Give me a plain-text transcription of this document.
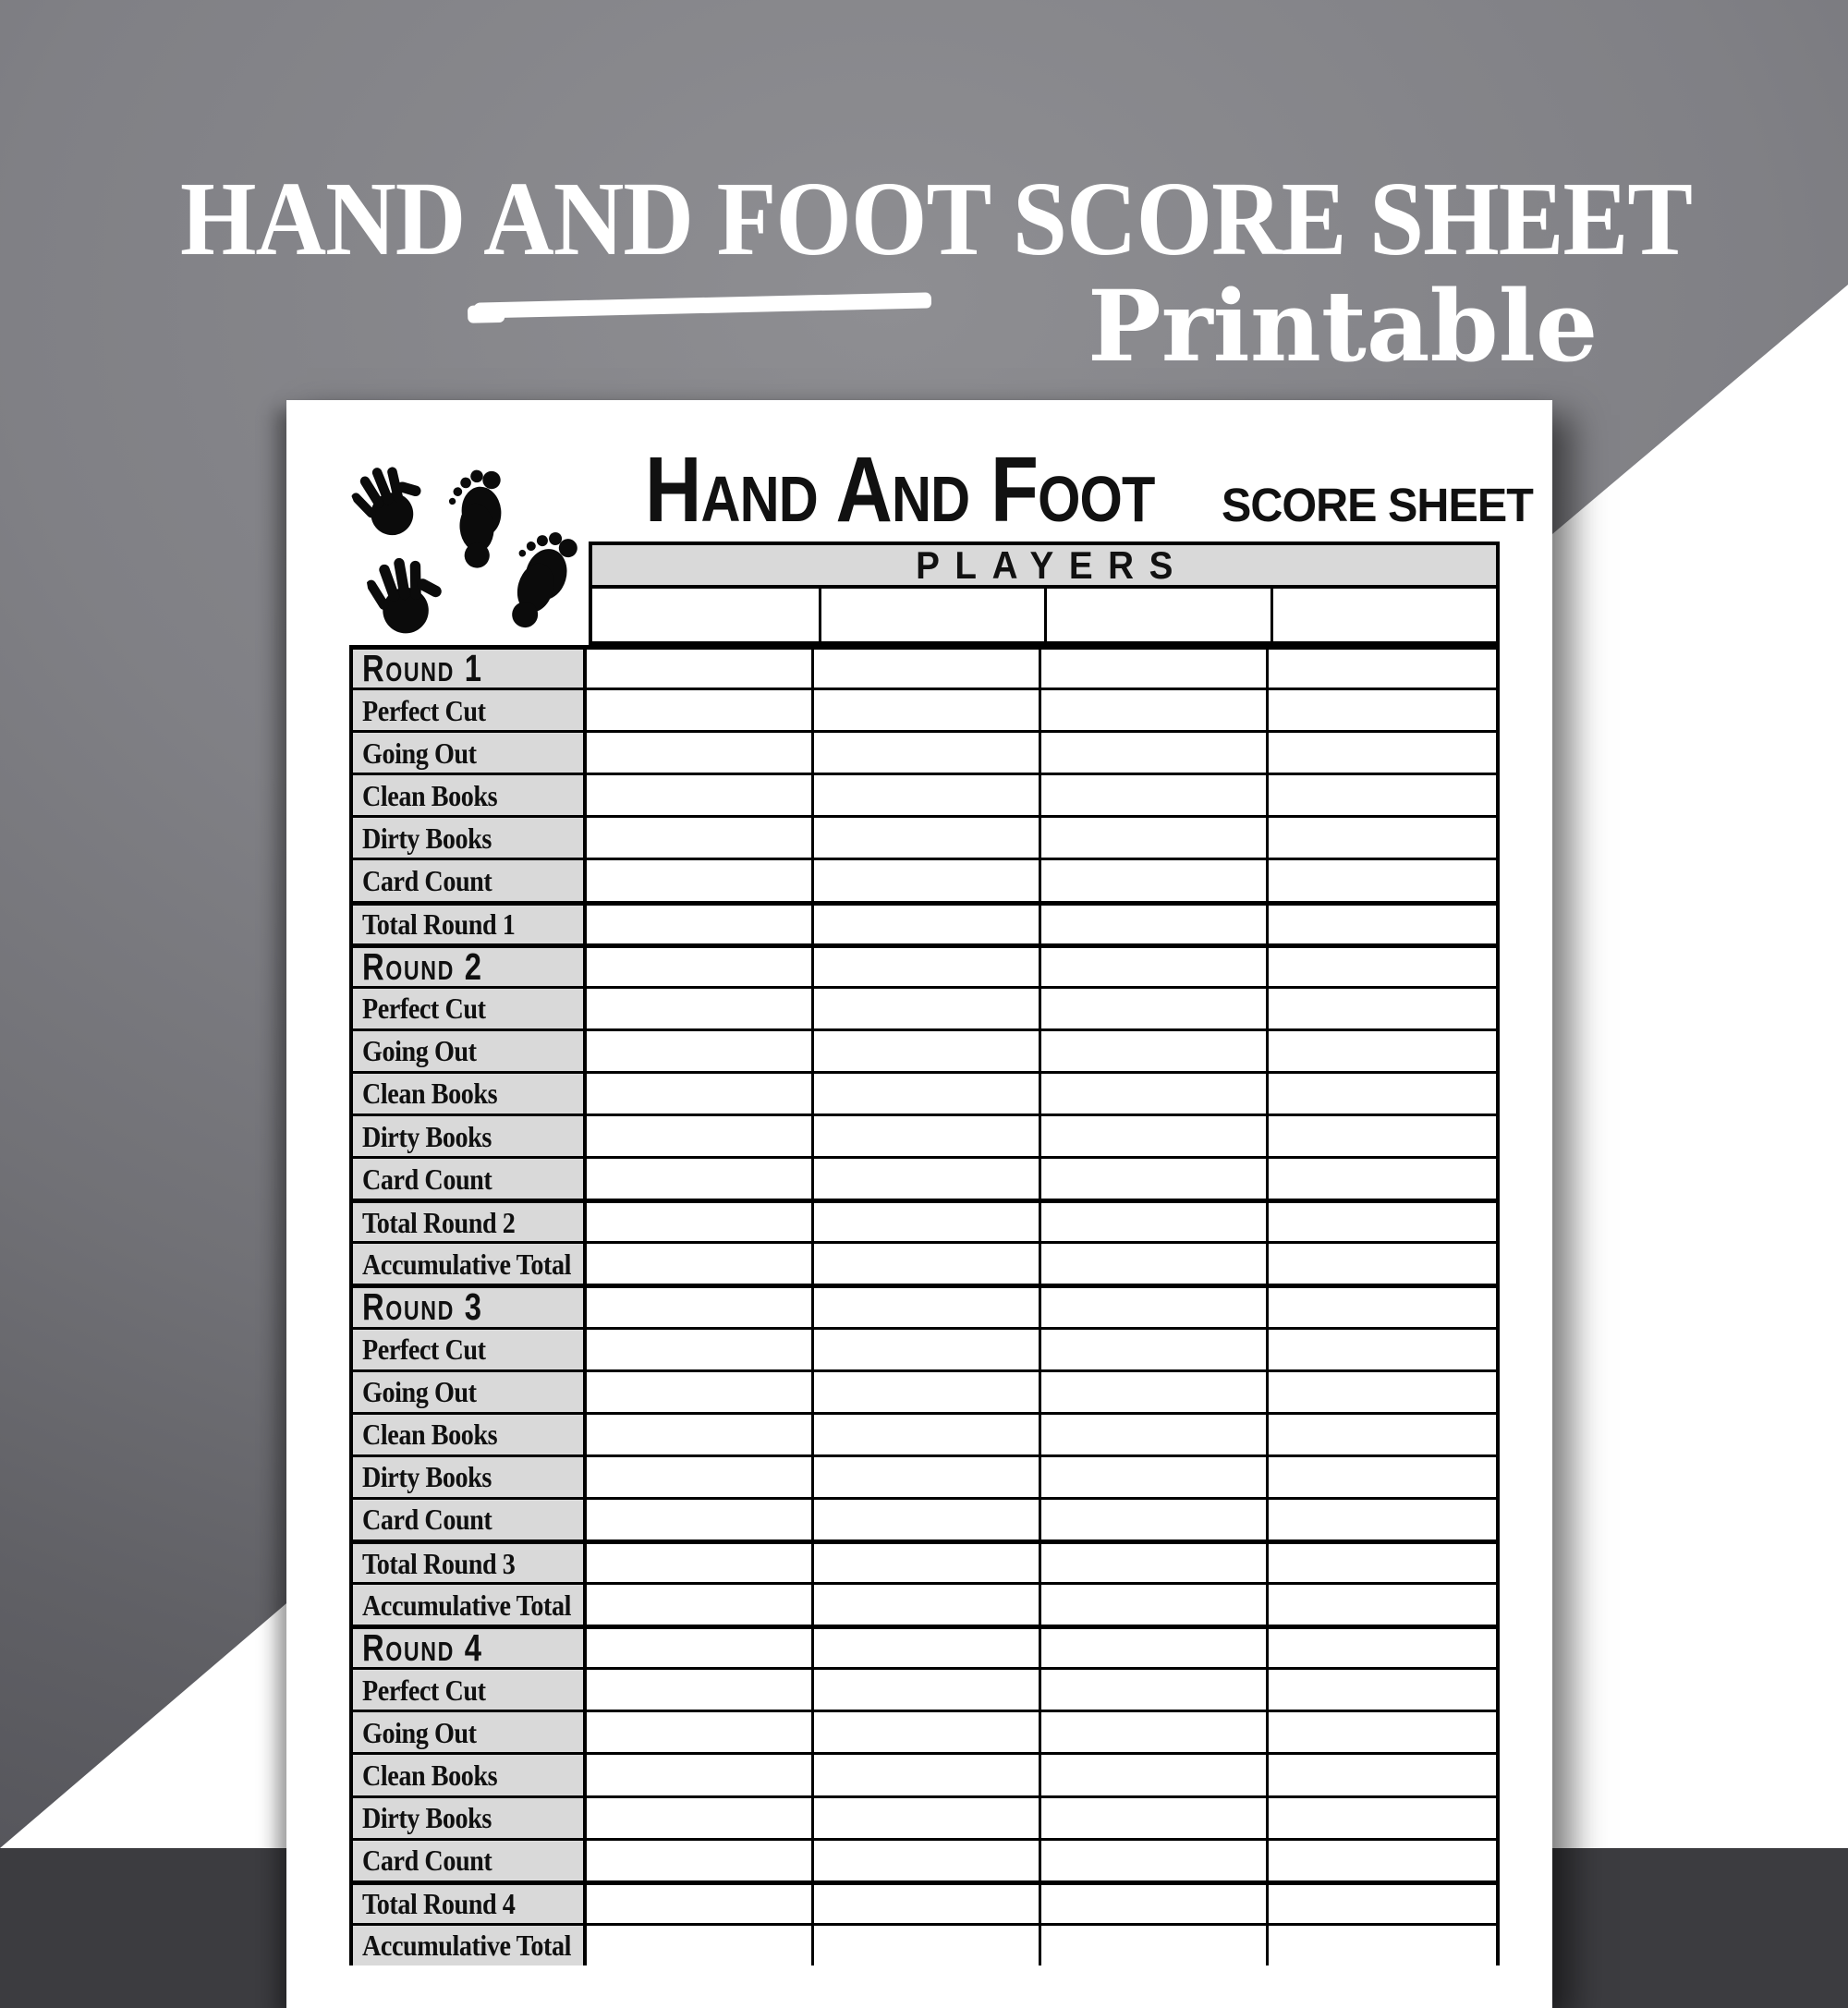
HAND AND FOOT SCORE SHEET
Printable
Hand And Foot SCORE SHEET
PLAYERS
Round 1
Perfect Cut
Going Out
Clean Books
Dirty Books
Card Count
Total Round 1
Round 2
Perfect Cut
Going Out
Clean Books
Dirty Books
Card Count
Total Round 2
Accumulative Total
Round 3
Perfect Cut
Going Out
Clean Books
Dirty Books
Card Count
Total Round 3
Accumulative Total
Round 4
Perfect Cut
Going Out
Clean Books
Dirty Books
Card Count
Total Round 4
Accumulative Total
